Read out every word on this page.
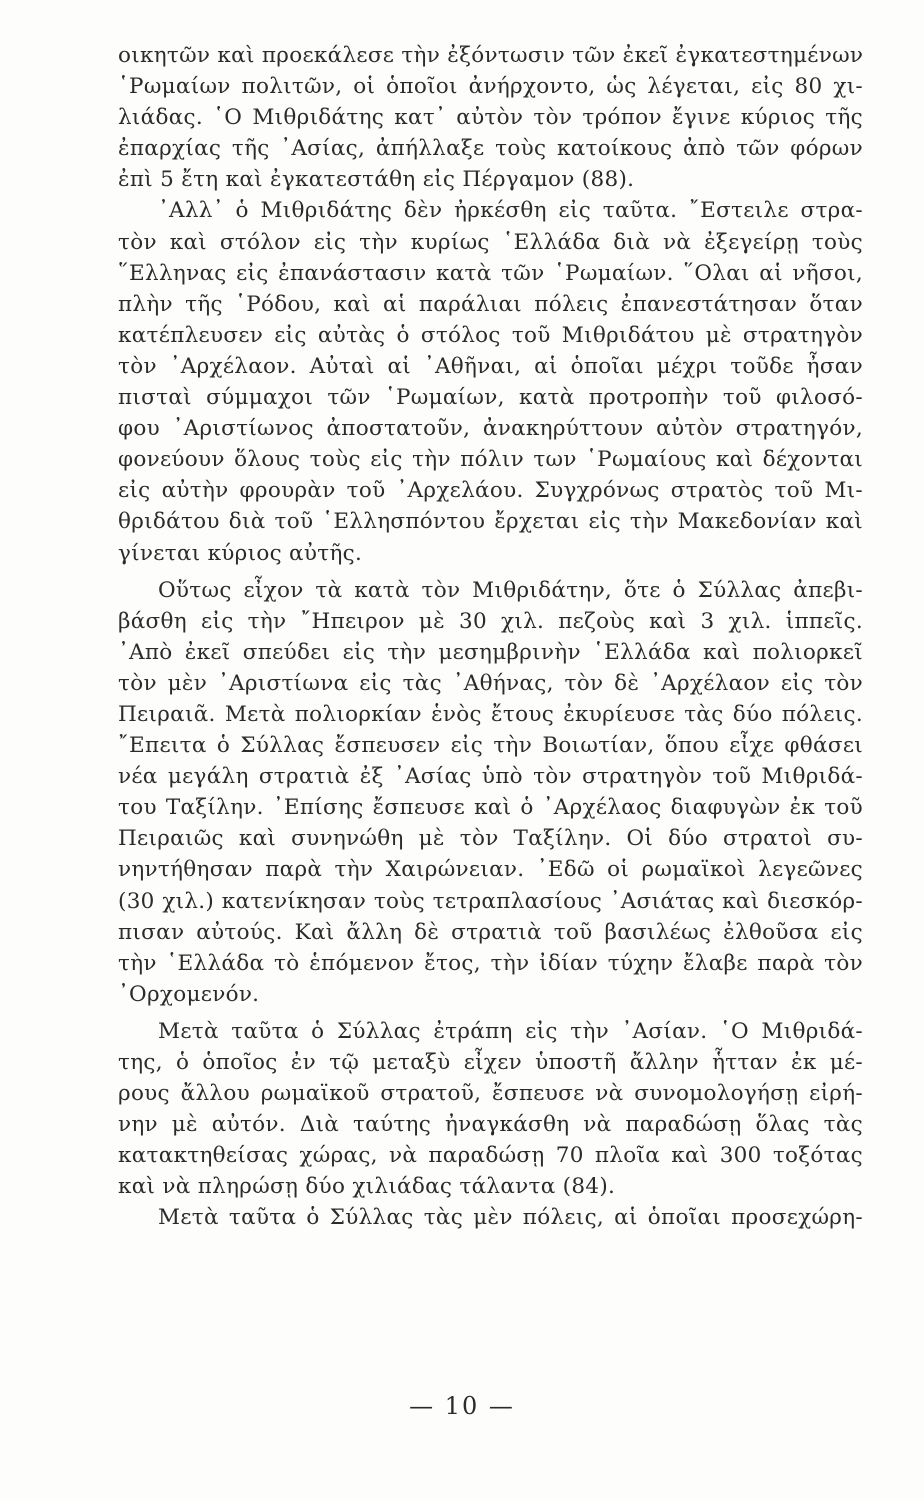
οικητῶν καὶ προεκάλεσε τὴν ἐξόντωσιν τῶν ἐκεῖ ἐγκατεστημένων
῾Ρωμαίων πολιτῶν, οἱ ὁποῖοι ἀνήρχοντο, ὡς λέγεται, εἰς 80 χι-
λιάδας. ῾Ο Μιθριδάτης κατ᾽ αὐτὸν τὸν τρόπον ἔγινε κύριος τῆς
ἐπαρχίας τῆς ᾽Ασίας, ἀπήλλαξε τοὺς κατοίκους ἀπὸ τῶν φόρων
ἐπὶ 5 ἔτη καὶ ἐγκατεστάθη εἰς Πέργαμον (88).
᾽Αλλ᾽ ὁ Μιθριδάτης δὲν ἠρκέσθη εἰς ταῦτα. ῎Εστειλε στρα-
τὸν καὶ στόλον εἰς τὴν κυρίως ῾Ελλάδα διὰ νὰ ἐξεγείρῃ τοὺς
῞Ελληνας εἰς ἐπανάστασιν κατὰ τῶν ῾Ρωμαίων. ῞Ολαι αἱ νῆσοι,
πλὴν τῆς ῾Ρόδου, καὶ αἱ παράλιαι πόλεις ἐπανεστάτησαν ὅταν
κατέπλευσεν εἰς αὐτὰς ὁ στόλος τοῦ Μιθριδάτου μὲ στρατηγὸν
τὸν ᾽Αρχέλαον. Αὐταὶ αἱ ᾽Αθῆναι, αἱ ὁποῖαι μέχρι τοῦδε ἦσαν
πισταὶ σύμμαχοι τῶν ῾Ρωμαίων, κατὰ προτροπὴν τοῦ φιλοσό-
φου ᾽Αριστίωνος ἀποστατοῦν, ἀνακηρύττουν αὐτὸν στρατηγόν,
φονεύουν ὅλους τοὺς εἰς τὴν πόλιν των ῾Ρωμαίους καὶ δέχονται
εἰς αὐτὴν φρουρὰν τοῦ ᾽Αρχελάου. Συγχρόνως στρατὸς τοῦ Μι-
θριδάτου διὰ τοῦ ῾Ελλησπόντου ἔρχεται εἰς τὴν Μακεδονίαν καὶ
γίνεται κύριος αὐτῆς.
Οὕτως εἶχον τὰ κατὰ τὸν Μιθριδάτην, ὅτε ὁ Σύλλας ἀπεβι-
βάσθη εἰς τὴν ῎Ηπειρον μὲ 30 χιλ. πεζοὺς καὶ 3 χιλ. ἱππεῖς.
᾽Απὸ ἐκεῖ σπεύδει εἰς τὴν μεσημβρινὴν ῾Ελλάδα καὶ πολιορκεῖ
τὸν μὲν ᾽Αριστίωνα εἰς τὰς ᾽Αθήνας, τὸν δὲ ᾽Αρχέλαον εἰς τὸν
Πειραιᾶ. Μετὰ πολιορκίαν ἑνὸς ἔτους ἐκυρίευσε τὰς δύο πόλεις.
῎Επειτα ὁ Σύλλας ἔσπευσεν εἰς τὴν Βοιωτίαν, ὅπου εἶχε φθάσει
νέα μεγάλη στρατιὰ ἐξ ᾽Ασίας ὑπὸ τὸν στρατηγὸν τοῦ Μιθριδά-
του Ταξίλην. ᾽Επίσης ἔσπευσε καὶ ὁ ᾽Αρχέλαος διαφυγὼν ἐκ τοῦ
Πειραιῶς καὶ συνηνώθη μὲ τὸν Ταξίλην. Οἱ δύο στρατοὶ συ-
νηντήθησαν παρὰ τὴν Χαιρώνειαν. ᾽Εδῶ οἱ ρωμαϊκοὶ λεγεῶνες
(30 χιλ.) κατενίκησαν τοὺς τετραπλασίους ᾽Ασιάτας καὶ διεσκόρ-
πισαν αὐτούς. Καὶ ἄλλη δὲ στρατιὰ τοῦ βασιλέως ἐλθοῦσα εἰς
τὴν ῾Ελλάδα τὸ ἑπόμενον ἔτος, τὴν ἰδίαν τύχην ἔλαβε παρὰ τὸν
᾽Ορχομενόν.
Μετὰ ταῦτα ὁ Σύλλας ἐτράπη εἰς τὴν ᾽Ασίαν. ῾Ο Μιθριδά-
της, ὁ ὁποῖος ἐν τῷ μεταξὺ εἶχεν ὑποστῆ ἄλλην ἧτταν ἐκ μέ-
ρους ἄλλου ρωμαϊκοῦ στρατοῦ, ἔσπευσε νὰ συνομολογήσῃ εἰρή-
νην μὲ αὐτόν. Διὰ ταύτης ἠναγκάσθη νὰ παραδώσῃ ὅλας τὰς
κατακτηθείσας χώρας, νὰ παραδώσῃ 70 πλοῖα καὶ 300 τοξότας
καὶ νὰ πληρώσῃ δύο χιλιάδας τάλαντα (84).
Μετὰ ταῦτα ὁ Σύλλας τὰς μὲν πόλεις, αἱ ὁποῖαι προσεχώρη-
— 10 —
